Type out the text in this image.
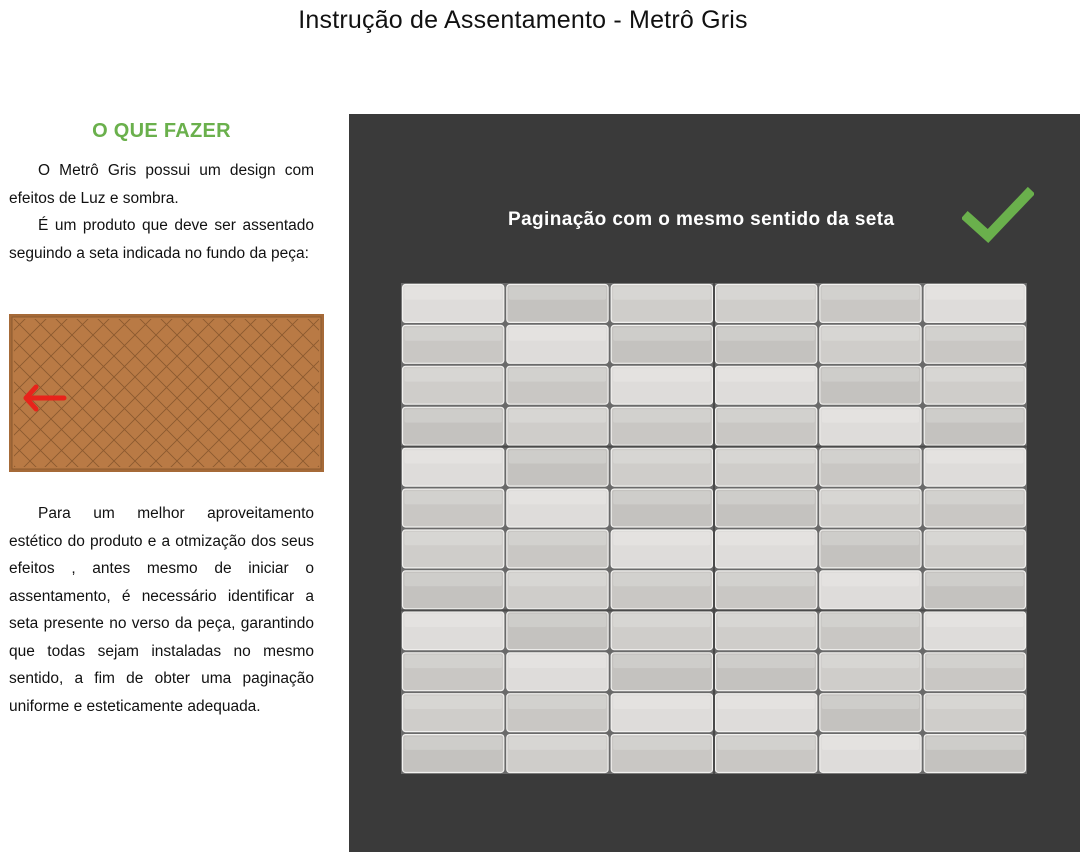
Instrução de Assentamento - Metrô Gris
O QUE FAZER

O Metrô Gris possui um design com efeitos de Luz e sombra.

É um produto que deve ser assentado seguindo a seta indicada no fundo da peça:

Para um melhor aproveitamento estético do produto e a otmização dos seus efeitos , antes mesmo de iniciar o assentamento, é necessário identificar a seta presente no verso da peça, garantindo que todas sejam instaladas no mesmo sentido, a fim de obter uma paginação uniforme e esteticamente adequada.

Paginação com o mesmo sentido da seta
